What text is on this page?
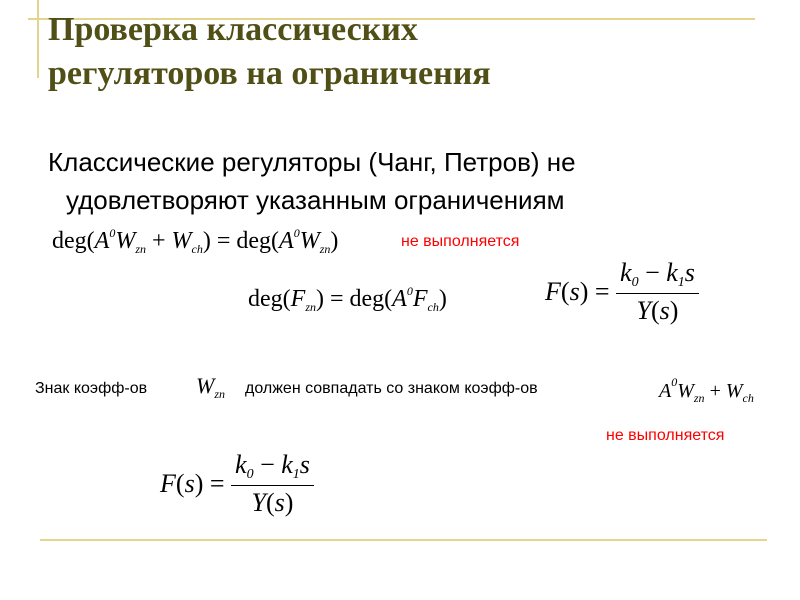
Проверка классических
регуляторов на ограничения
Классические регуляторы (Чанг, Петров) не
удовлетворяют указанным ограничениям
$deg(A^0W_{zn} + W_{ch}) = deg(A^0W_{zn})$	не выполняется
$deg(F_{zn}) = deg(A^0F_{ch})$	$F(s) = \frac{k_0 - k_1s}{Y(s)}$
Знак коэфф-ов $W_{zn}$ должен совпадать со знаком коэфф-ов	$A^0W_{zn} + W_{ch}$
не выполняется
$F(s) = \frac{k_0 - k_1s}{Y(s)}$
